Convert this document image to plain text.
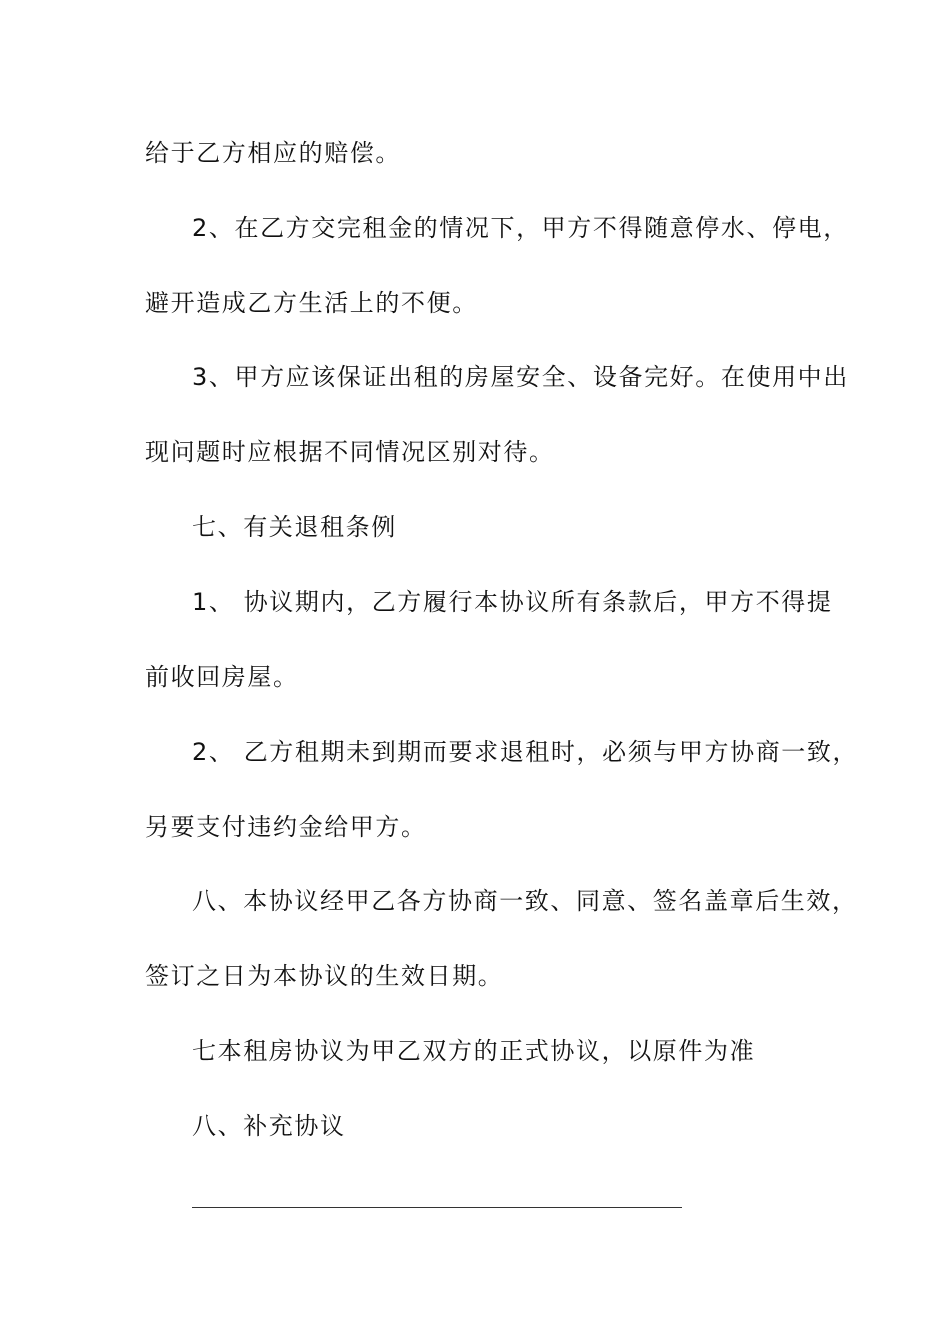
给于乙方相应的赔偿。
2、在乙方交完租金的情况下，甲方不得随意停水、停电，
避开造成乙方生活上的不便。
3、甲方应该保证出租的房屋安全、设备完好。在使用中出
现问题时应根据不同情况区别对待。
七、有关退租条例
1、 协议期内，乙方履行本协议所有条款后，甲方不得提
前收回房屋。
2、 乙方租期未到期而要求退租时，必须与甲方协商一致，
另要支付违约金给甲方。
八、本协议经甲乙各方协商一致、同意、签名盖章后生效，
签订之日为本协议的生效日期。
七本租房协议为甲乙双方的正式协议，以原件为准
八、补充协议
